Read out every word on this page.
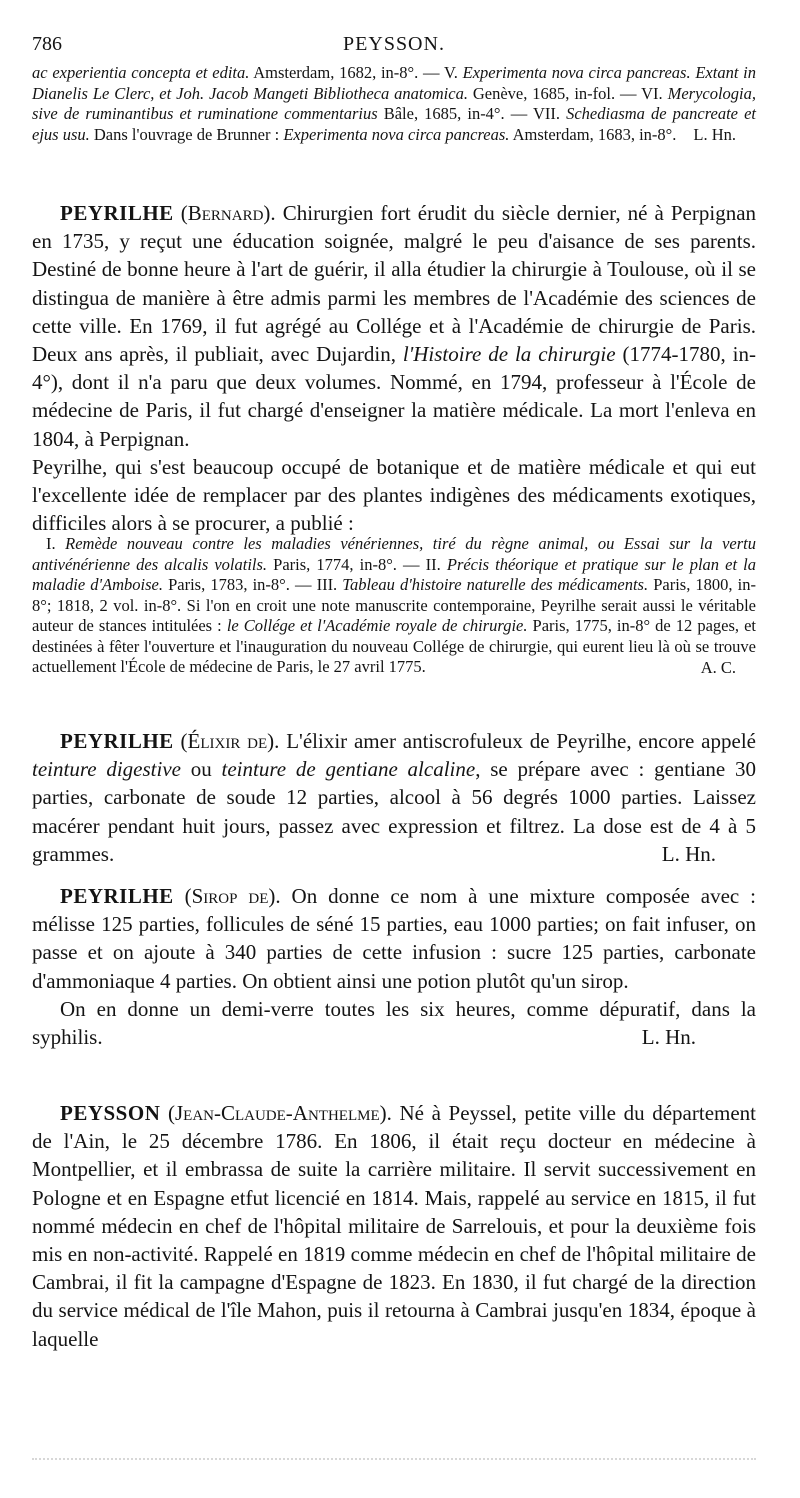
786	PEYSSON.

ac experientia concepta et edita. Amsterdam, 1682, in-8°. — V. Experimenta nova circa pancreas. Extant in Dianelis Le Clerc, et Joh. Jacob Mangeti Bibliotheca anatomica. Genève, 1685, in-fol. — VI. Merycologia, sive de ruminantibus et ruminatione commentarius Bâle, 1685, in-4°. — VII. Schediasma de pancreate et ejus usu. Dans l'ouvrage de Brunner : Experimenta nova circa pancreas. Amsterdam, 1683, in-8°.	L. Hn.

PEYRILHE (Bernard). Chirurgien fort érudit du siècle dernier, né à Perpignan en 1735, y reçut une éducation soignée, malgré le peu d'aisance de ses parents. Destiné de bonne heure à l'art de guérir, il alla étudier la chirurgie à Toulouse, où il se distingua de manière à être admis parmi les membres de l'Académie des sciences de cette ville. En 1769, il fut agrégé au Collége et à l'Académie de chirurgie de Paris. Deux ans après, il publiait, avec Dujardin, l'Histoire de la chirurgie (1774-1780, in-4°), dont il n'a paru que deux volumes. Nommé, en 1794, professeur à l'École de médecine de Paris, il fut chargé d'enseigner la matière médicale. La mort l'enleva en 1804, à Perpignan.

Peyrilhe, qui s'est beaucoup occupé de botanique et de matière médicale et qui eut l'excellente idée de remplacer par des plantes indigènes des médicaments exotiques, difficiles alors à se procurer, a publié :

I. Remède nouveau contre les maladies vénériennes, tiré du règne animal, ou Essai sur la vertu antivénérienne des alcalis volatils. Paris, 1774, in-8°. — II. Précis théorique et pratique sur le plan et la maladie d'Amboise. Paris, 1783, in-8°. — III. Tableau d'histoire naturelle des médicaments. Paris, 1800, in-8°; 1818, 2 vol. in-8°. Si l'on en croit une note manuscrite contemporaine, Peyrilhe serait aussi le véritable auteur de stances intitulées : le Collége et l'Académie royale de chirurgie. Paris, 1775, in-8° de 12 pages, et destinées à fêter l'ouverture et l'inauguration du nouveau Collége de chirurgie, qui eurent lieu là où se trouve actuellement l'École de médecine de Paris, le 27 avril 1775.	A. C.

PEYRILHE (Élixir de). L'élixir amer antiscrofuleux de Peyrilhe, encore appelé teinture digestive ou teinture de gentiane alcaline, se prépare avec : gentiane 30 parties, carbonate de soude 12 parties, alcool à 56 degrés 1000 parties. Laissez macérer pendant huit jours, passez avec expression et filtrez. La dose est de 4 à 5 grammes.	L. Hn.

PEYRILHE (Sirop de). On donne ce nom à une mixture composée avec : mélisse 125 parties, follicules de séné 15 parties, eau 1000 parties; on fait infuser, on passe et on ajoute à 340 parties de cette infusion : sucre 125 parties, carbonate d'ammoniaque 4 parties. On obtient ainsi une potion plutôt qu'un sirop.

On en donne un demi-verre toutes les six heures, comme dépuratif, dans la syphilis.	L. Hn.

PEYSSON (Jean-Claude-Anthelme). Né à Peyssel, petite ville du département de l'Ain, le 25 décembre 1786. En 1806, il était reçu docteur en médecine à Montpellier, et il embrassa de suite la carrière militaire. Il servit successivement en Pologne et en Espagne etfut licencié en 1814. Mais, rappelé au service en 1815, il fut nommé médecin en chef de l'hôpital militaire de Sarrelouis, et pour la deuxième fois mis en non-activité. Rappelé en 1819 comme médecin en chef de l'hôpital militaire de Cambrai, il fit la campagne d'Espagne de 1823. En 1830, il fut chargé de la direction du service médical de l'île Mahon, puis il retourna à Cambrai jusqu'en 1834, époque à laquelle
